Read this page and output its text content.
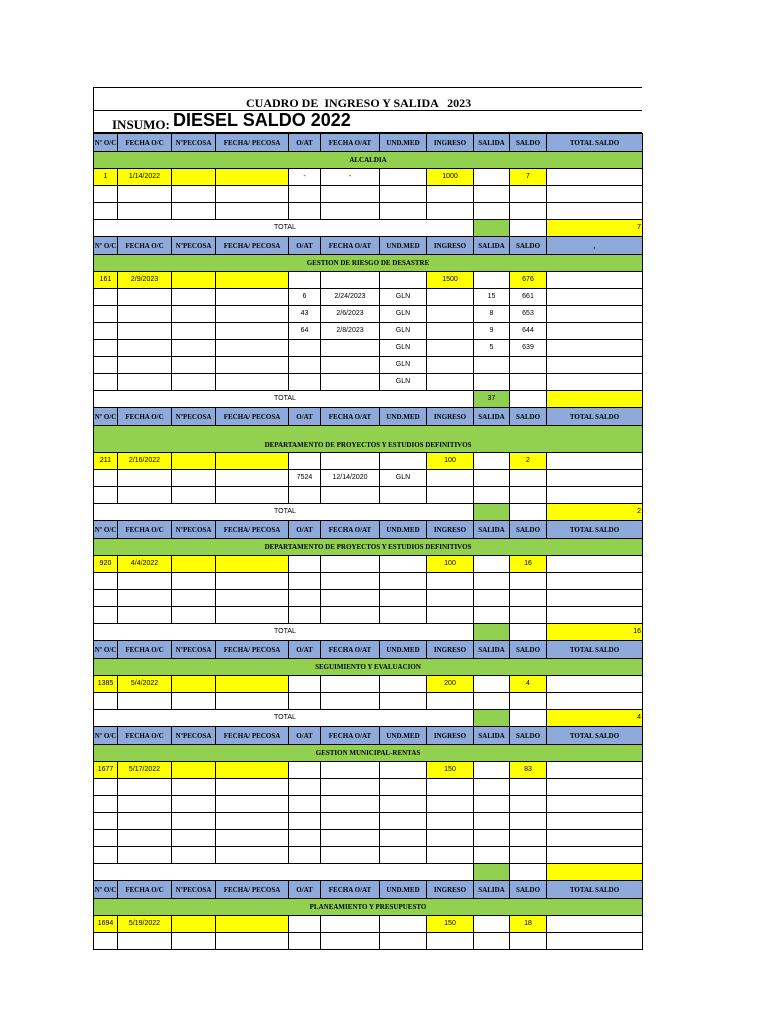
CUADRO DE  INGRESO Y SALIDA   2023
INSUMO: DIESEL SALDO 2022
Nº O/C	FECHA O/C	NºPECOSA	FECHA/ PECOSA	O/AT	FECHA O/AT	UND.MED	INGRESO	SALIDA	SALDO	TOTAL SALDO
ALCALDIA										
1	1/14/2022			-	-		1000		7	

TOTAL										7
Nº O/C	FECHA O/C	NºPECOSA	FECHA/ PECOSA	O/AT	FECHA O/AT	UND.MED	INGRESO	SALIDA	SALDO	,
GESTION DE RIESGO DE DESASTRE										
161	2/9/2023						1500		676	
				6	2/24/2023	GLN		15	661	
				43	2/6/2023	GLN		8	653	
				64	2/8/2023	GLN		9	644	
						GLN		5	639	
						GLN				
						GLN				
TOTAL								37		
Nº O/C	FECHA O/C	NºPECOSA	FECHA/ PECOSA	O/AT	FECHA O/AT	UND.MED	INGRESO	SALIDA	SALDO	TOTAL SALDO
DEPARTAMENTO DE PROYECTOS Y ESTUDIOS DEFINITIVOS										
211	2/16/2022						100		2	
				7524	12/14/2020	GLN				

TOTAL										2
Nº O/C	FECHA O/C	NºPECOSA	FECHA/ PECOSA	O/AT	FECHA O/AT	UND.MED	INGRESO	SALIDA	SALDO	TOTAL SALDO
DEPARTAMENTO DE PROYECTOS Y ESTUDIOS DEFINITIVOS										
920	4/4/2022						100		16	

TOTAL										16
Nº O/C	FECHA O/C	NºPECOSA	FECHA/ PECOSA	O/AT	FECHA O/AT	UND.MED	INGRESO	SALIDA	SALDO	TOTAL SALDO
SEGUIMIENTO Y EVALUACION										
1385	5/4/2022						200		4	

TOTAL										4
Nº O/C	FECHA O/C	NºPECOSA	FECHA/ PECOSA	O/AT	FECHA O/AT	UND.MED	INGRESO	SALIDA	SALDO	TOTAL SALDO
GESTION MUNICIPAL-RENTAS										
1677	5/17/2022						150		83	

Nº O/C	FECHA O/C	NºPECOSA	FECHA/ PECOSA	O/AT	FECHA O/AT	UND.MED	INGRESO	SALIDA	SALDO	TOTAL SALDO
PLANEAMIENTO Y PRESUPUESTO										
1694	5/19/2022						150		18	
